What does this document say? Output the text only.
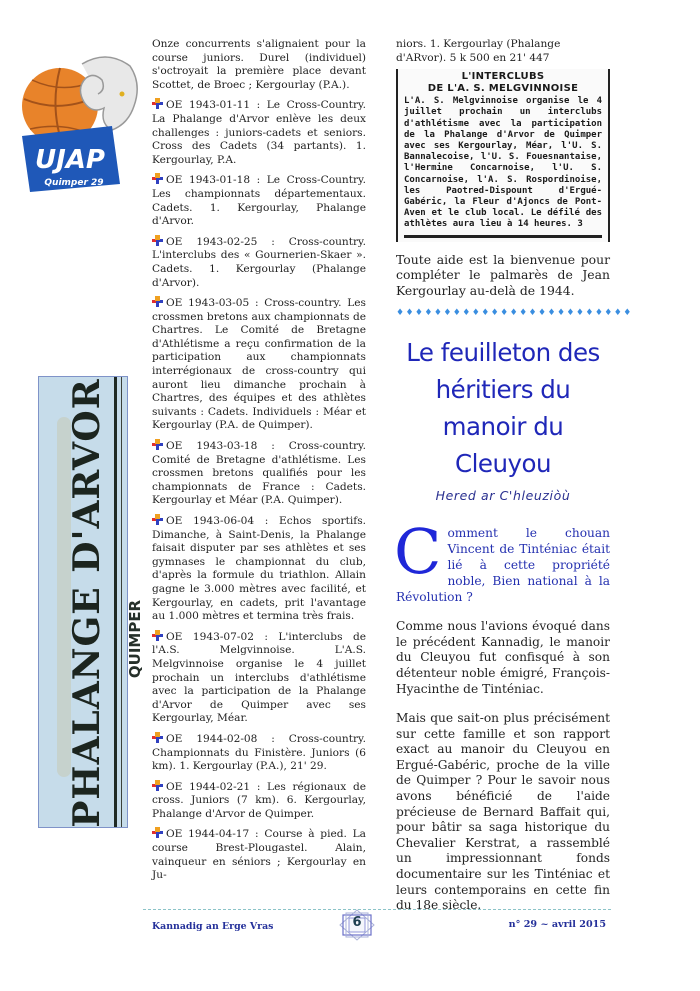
UJAP
Quimper 29
PHALANGE D'ARVOR QUIMPER

Onze concurrents s'alignaient pour la course juniors. Durel (individuel) s'octroyait la première place devant Scottet, de Broec ; Kergourlay (P.A.).

OE 1943-01-11 : Le Cross-Country. La Phalange d'Arvor enlève les deux challenges : juniors-cadets et seniors. Cross des Cadets (34 partants). 1. Kergourlay, P.A.

OE 1943-01-18 : Le Cross-Country. Les championnats départementaux. Cadets. 1. Kergourlay, Phalange d'Arvor.

OE 1943-02-25 : Cross-country. L'interclubs des « Gournerien-Skaer ». Cadets. 1. Kergourlay (Phalange d'Arvor).

OE 1943-03-05 : Cross-country. Les crossmen bretons aux championnats de Chartres. Le Comité de Bretagne d'Athlétisme a reçu confirmation de la participation aux championnats interrégionaux de cross-country qui auront lieu dimanche prochain à Chartres, des équipes et des athlètes suivants : Cadets. Individuels : Méar et Kergourlay (P.A. de Quimper).

OE 1943-03-18 : Cross-country. Comité de Bretagne d'athlétisme. Les crossmen bretons qualifiés pour les championnats de France : Cadets. Kergourlay et Méar (P.A. Quimper).

OE 1943-06-04 : Echos sportifs. Dimanche, à Saint-Denis, la Phalange faisait disputer par ses athlètes et ses gymnases le championnat du club, d'après la formule du triathlon. Allain gagne le 3.000 mètres avec facilité, et Kergourlay, en cadets, prit l'avantage au 1.000 mètres et termina très frais.

OE 1943-07-02 : L'interclubs de l'A.S. Melgvinnoise. L'A.S. Melgvinnoise organise le 4 juillet prochain un interclubs d'athlétisme avec la participation de la Phalange d'Arvor de Quimper avec ses Kergourlay, Méar.

OE 1944-02-08 : Cross-country. Championnats du Finistère. Juniors (6 km). 1. Kergourlay (P.A.), 21' 29.

OE 1944-02-21 : Les régionaux de cross. Juniors (7 km). 6. Kergourlay, Phalange d'Arvor de Quimper.

OE 1944-04-17 : Course à pied. La course Brest-Plougastel. Alain, vainqueur en séniors ; Kergourlay en Ju-

niors. 1. Kergourlay (Phalange d'ARvor). 5 k 500 en 21' 447

L'INTERCLUBS
DE L'A. S. MELGVINNOISE
L'A. S. Melgvinnoise organise le 4 juillet prochain un interclubs d'athlétisme avec la participation de la Phalange d'Arvor de Quimper avec ses Kergourlay, Méar, l'U. S. Bannalecoise, l'U. S. Fouesnantaise, l'Hermine Concarnoise, l'U. S. Concarnoise, l'A. S. Rospordinoise, les Paotred-Dispount d'Ergué-Gabéric, la Fleur d'Ajoncs de Pont-Aven et le club local. Le défilé des athlètes aura lieu à 14 heures. 3

Toute aide est la bienvenue pour compléter le palmarès de Jean Kergourlay au-delà de 1944.

♦♦♦♦♦♦♦♦♦♦♦♦♦♦♦♦♦♦♦♦♦♦♦♦♦
Le feuilleton des héritiers du manoir du Cleuyou
Hered ar C'hleuziòù
Comment le chouan Vincent de Tinténiac était lié à cette propriété noble, Bien national à la Révolution ?

Comme nous l'avions évoqué dans le précédent Kannadig, le manoir du Cleuyou fut confisqué à son détenteur noble émigré, François-Hyacinthe de Tinténiac.

Mais que sait-on plus précisément sur cette famille et son rapport exact au manoir du Cleuyou en Ergué-Gabéric, proche de la ville de Quimper ? Pour le savoir nous avons bénéficié de l'aide précieuse de Bernard Baffait qui, pour bâtir sa saga historique du Chevalier Kerstrat, a rassemblé un impressionnant fonds documentaire sur les Tinténiac et leurs contemporains en cette fin du 18e siècle.

Kannadig an Erge Vras	6	n° 29 ~ avril 2015
